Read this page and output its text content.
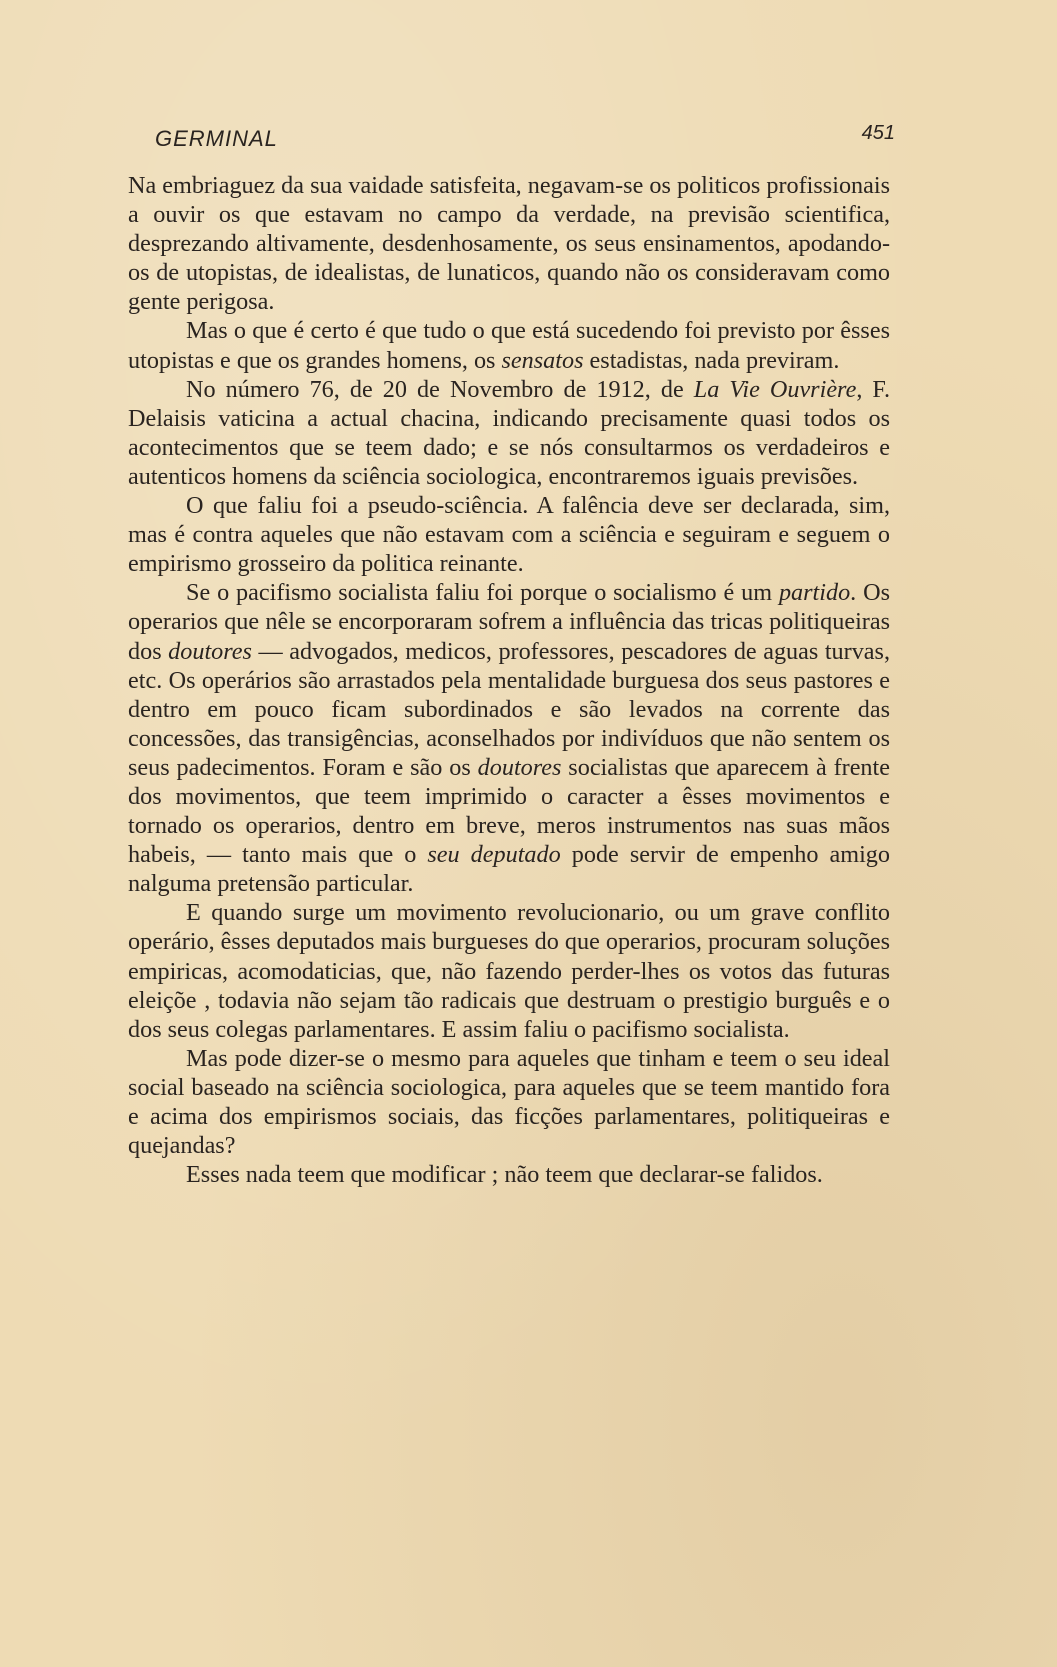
GERMINAL	451

Na embriaguez da sua vaidade satisfeita, negavam-se os politicos profissionais a ouvir os que estavam no campo da verdade, na previsão scientifica, desprezando altivamente, desdenhosamente, os seus ensinamentos, apodando-os de utopistas, de idealistas, de lunaticos, quando não os consideravam como gente perigosa.

Mas o que é certo é que tudo o que está sucedendo foi previsto por êsses utopistas e que os grandes homens, os sensatos estadistas, nada previram.

No número 76, de 20 de Novembro de 1912, de La Vie Ouvrière, F. Delaisis vaticina a actual chacina, indicando precisamente quasi todos os acontecimentos que se teem dado; e se nós consultarmos os verdadeiros e autenticos homens da sciência sociologica, encontraremos iguais previsões.

O que faliu foi a pseudo-sciência. A falência deve ser declarada, sim, mas é contra aqueles que não estavam com a sciência e seguiram e seguem o empirismo grosseiro da politica reinante.

Se o pacifismo socialista faliu foi porque o socialismo é um partido. Os operarios que nêle se encorporaram sofrem a influência das tricas politiqueiras dos doutores — advogados, medicos, professores, pescadores de aguas turvas, etc. Os operários são arrastados pela mentalidade burguesa dos seus pastores e dentro em pouco ficam subordinados e são levados na corrente das concessões, das transigências, aconselhados por indivíduos que não sentem os seus padecimentos. Foram e são os doutores socialistas que aparecem à frente dos movimentos, que teem imprimido o caracter a êsses movimentos e tornado os operarios, dentro em breve, meros instrumentos nas suas mãos habeis, — tanto mais que o seu deputado pode servir de empenho amigo nalguma pretensão particular.

E quando surge um movimento revolucionario, ou um grave conflito operário, êsses deputados mais burgueses do que operarios, procuram soluções empiricas, acomodaticias, que, não fazendo perder-lhes os votos das futuras eleiçõe , todavia não sejam tão radicais que destruam o prestigio burguês e o dos seus colegas parlamentares. E assim faliu o pacifismo socialista.

Mas pode dizer-se o mesmo para aqueles que tinham e teem o seu ideal social baseado na sciência sociologica, para aqueles que se teem mantido fora e acima dos empirismos sociais, das ficções parlamentares, politiqueiras e quejandas?

Esses nada teem que modificar ; não teem que declarar-se falidos.
